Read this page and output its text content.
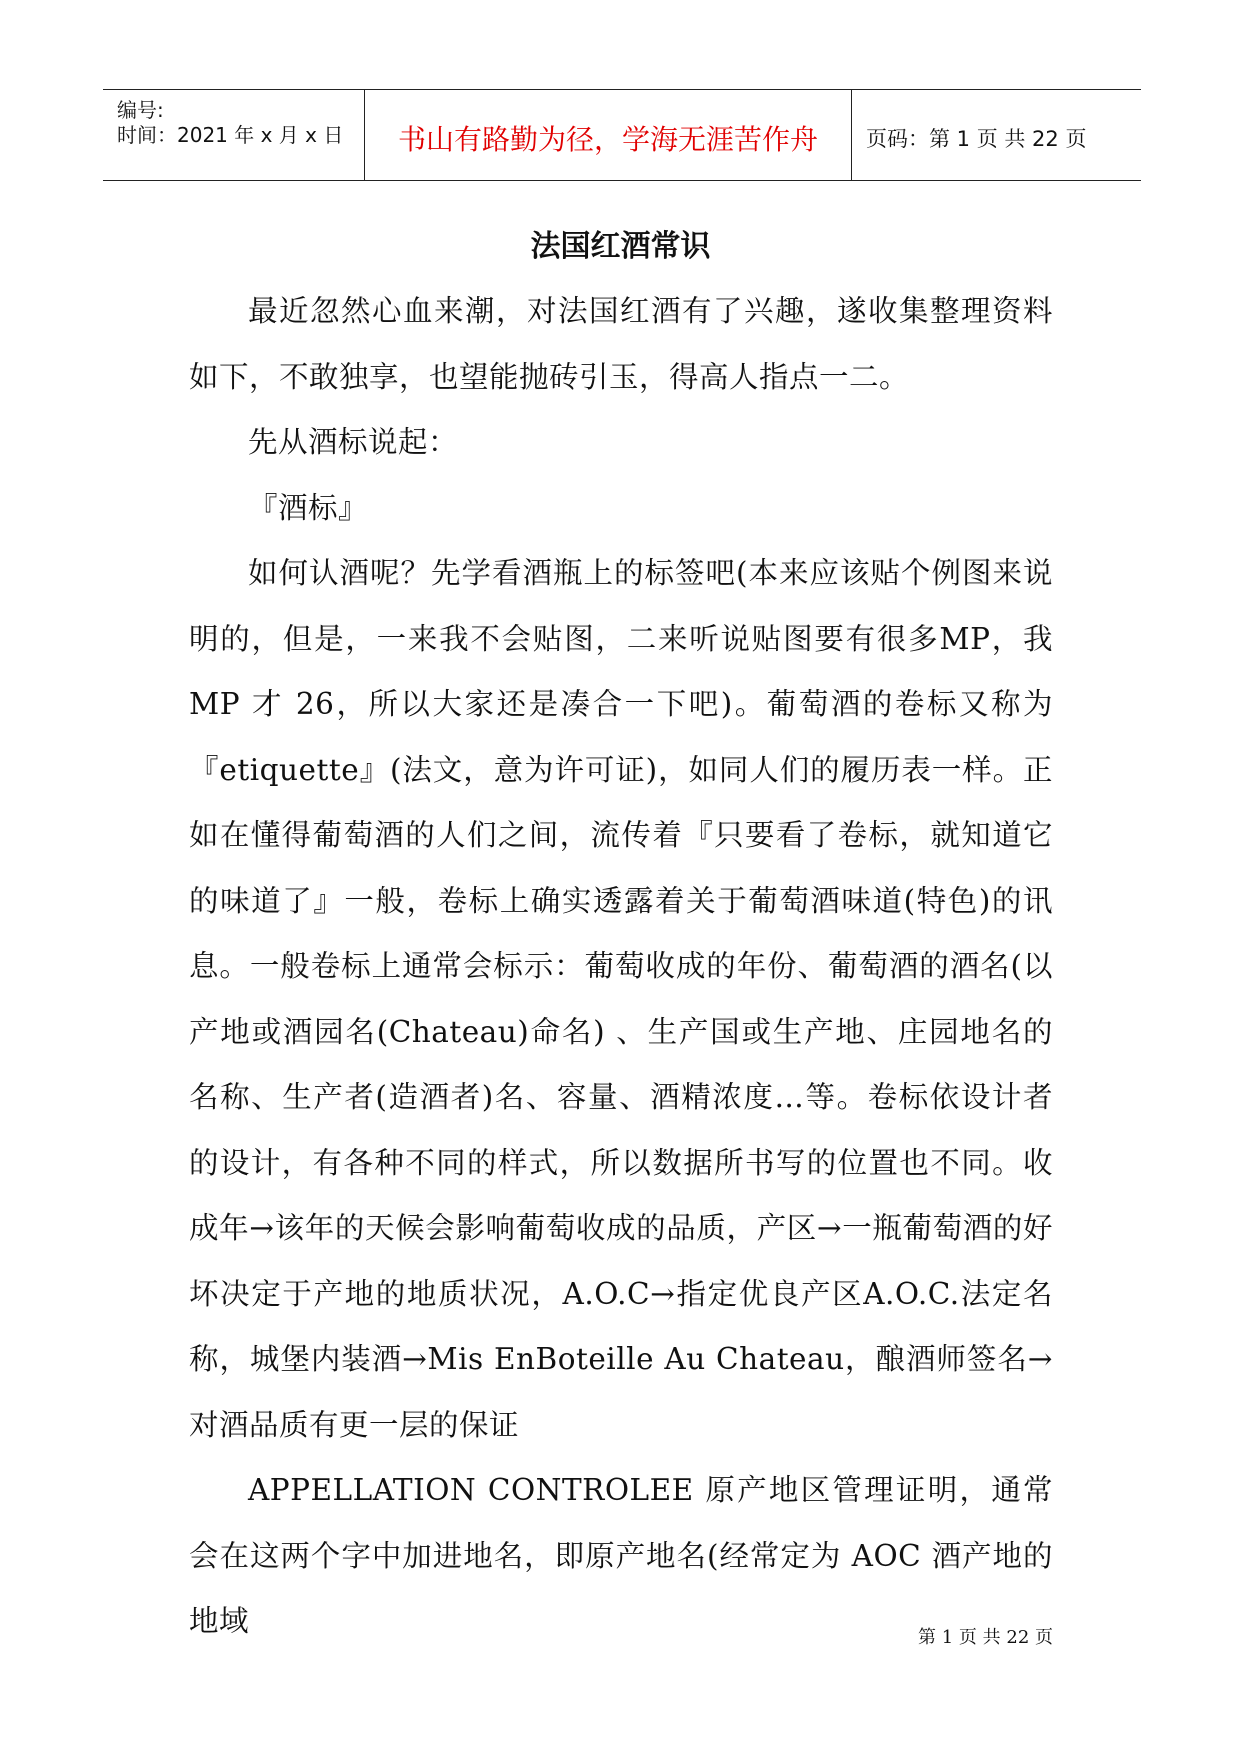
编号:
时间：2021 年 x 月 x 日	书山有路勤为径，学海无涯苦作舟	页码：第 1 页 共 22 页
法国红酒常识

最近忽然心血来潮，对法国红酒有了兴趣，遂收集整理资料如下，不敢独享，也望能抛砖引玉，得高人指点一二。

先从酒标说起：

『酒标』

如何认酒呢？先学看酒瓶上的标签吧(本来应该贴个例图来说明的，但是，一来我不会贴图，二来听说贴图要有很多MP，我 MP 才 26，所以大家还是凑合一下吧)。葡萄酒的卷标又称为『etiquette』(法文，意为许可证)，如同人们的履历表一样。正如在懂得葡萄酒的人们之间，流传着『只要看了卷标，就知道它的味道了』一般，卷标上确实透露着关于葡萄酒味道(特色)的讯息。一般卷标上通常会标示：葡萄收成的年份、葡萄酒的酒名(以产地或酒园名(Chateau)命名) 、生产国或生产地、庄园地名的名称、生产者(造酒者)名、容量、酒精浓度…等。卷标依设计者的设计，有各种不同的样式，所以数据所书写的位置也不同。收成年→该年的天候会影响葡萄收成的品质，产区→一瓶葡萄酒的好坏决定于产地的地质状况，A.O.C→指定优良产区A.O.C.法定名称，城堡内装酒→Mis EnBoteille Au Chateau，酿酒师签名→对酒品质有更一层的保证

APPELLATION CONTROLEE 原产地区管理证明，通常会在这两个字中加进地名，即原产地名(经常定为 AOC 酒产地的地域	第 1 页 共 22 页
